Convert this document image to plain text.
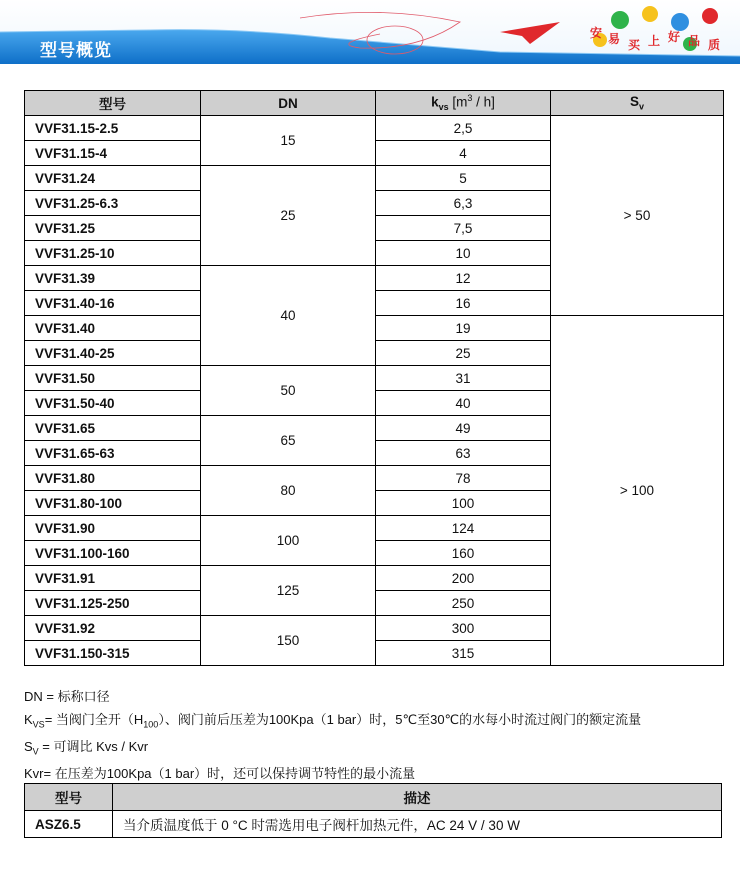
型号概览
安 易 买 上 好 品 质
型号	DN	$k_{vs}$ $[m^3 / h]$	$S_v$
VVF31.15-2.5	15	2,5	> 50
VVF31.15-4		4	
VVF31.24	25	5	
VVF31.25-6.3		6,3	
VVF31.25		7,5	
VVF31.25-10		10	
VVF31.39	40	12	
VVF31.40-16		16	
VVF31.40		19	> 100
VVF31.40-25		25	
VVF31.50	50	31	
VVF31.50-40		40	
VVF31.65	65	49	
VVF31.65-63		63	
VVF31.80	80	78	
VVF31.80-100		100	
VVF31.90	100	124	
VVF31.100-160		160	
VVF31.91	125	200	
VVF31.125-250		250	
VVF31.92	150	300	
VVF31.150-315		315	
DN = 标称口径
$K_{VS}=$ 当阀门全开$(H_{100})$、阀门前后压差为100Kpa（1 bar）时，5℃至30℃的水每小时流过阀门的额定流量
$S_V$ = 可调比 Kvs / Kvr
Kvr= 在压差为100Kpa（1 bar）时，还可以保持调节特性的最小流量
型号	描述
ASZ6.5	当介质温度低于 0 °C 时需选用电子阀杆加热元件，AC 24 V / 30 W
